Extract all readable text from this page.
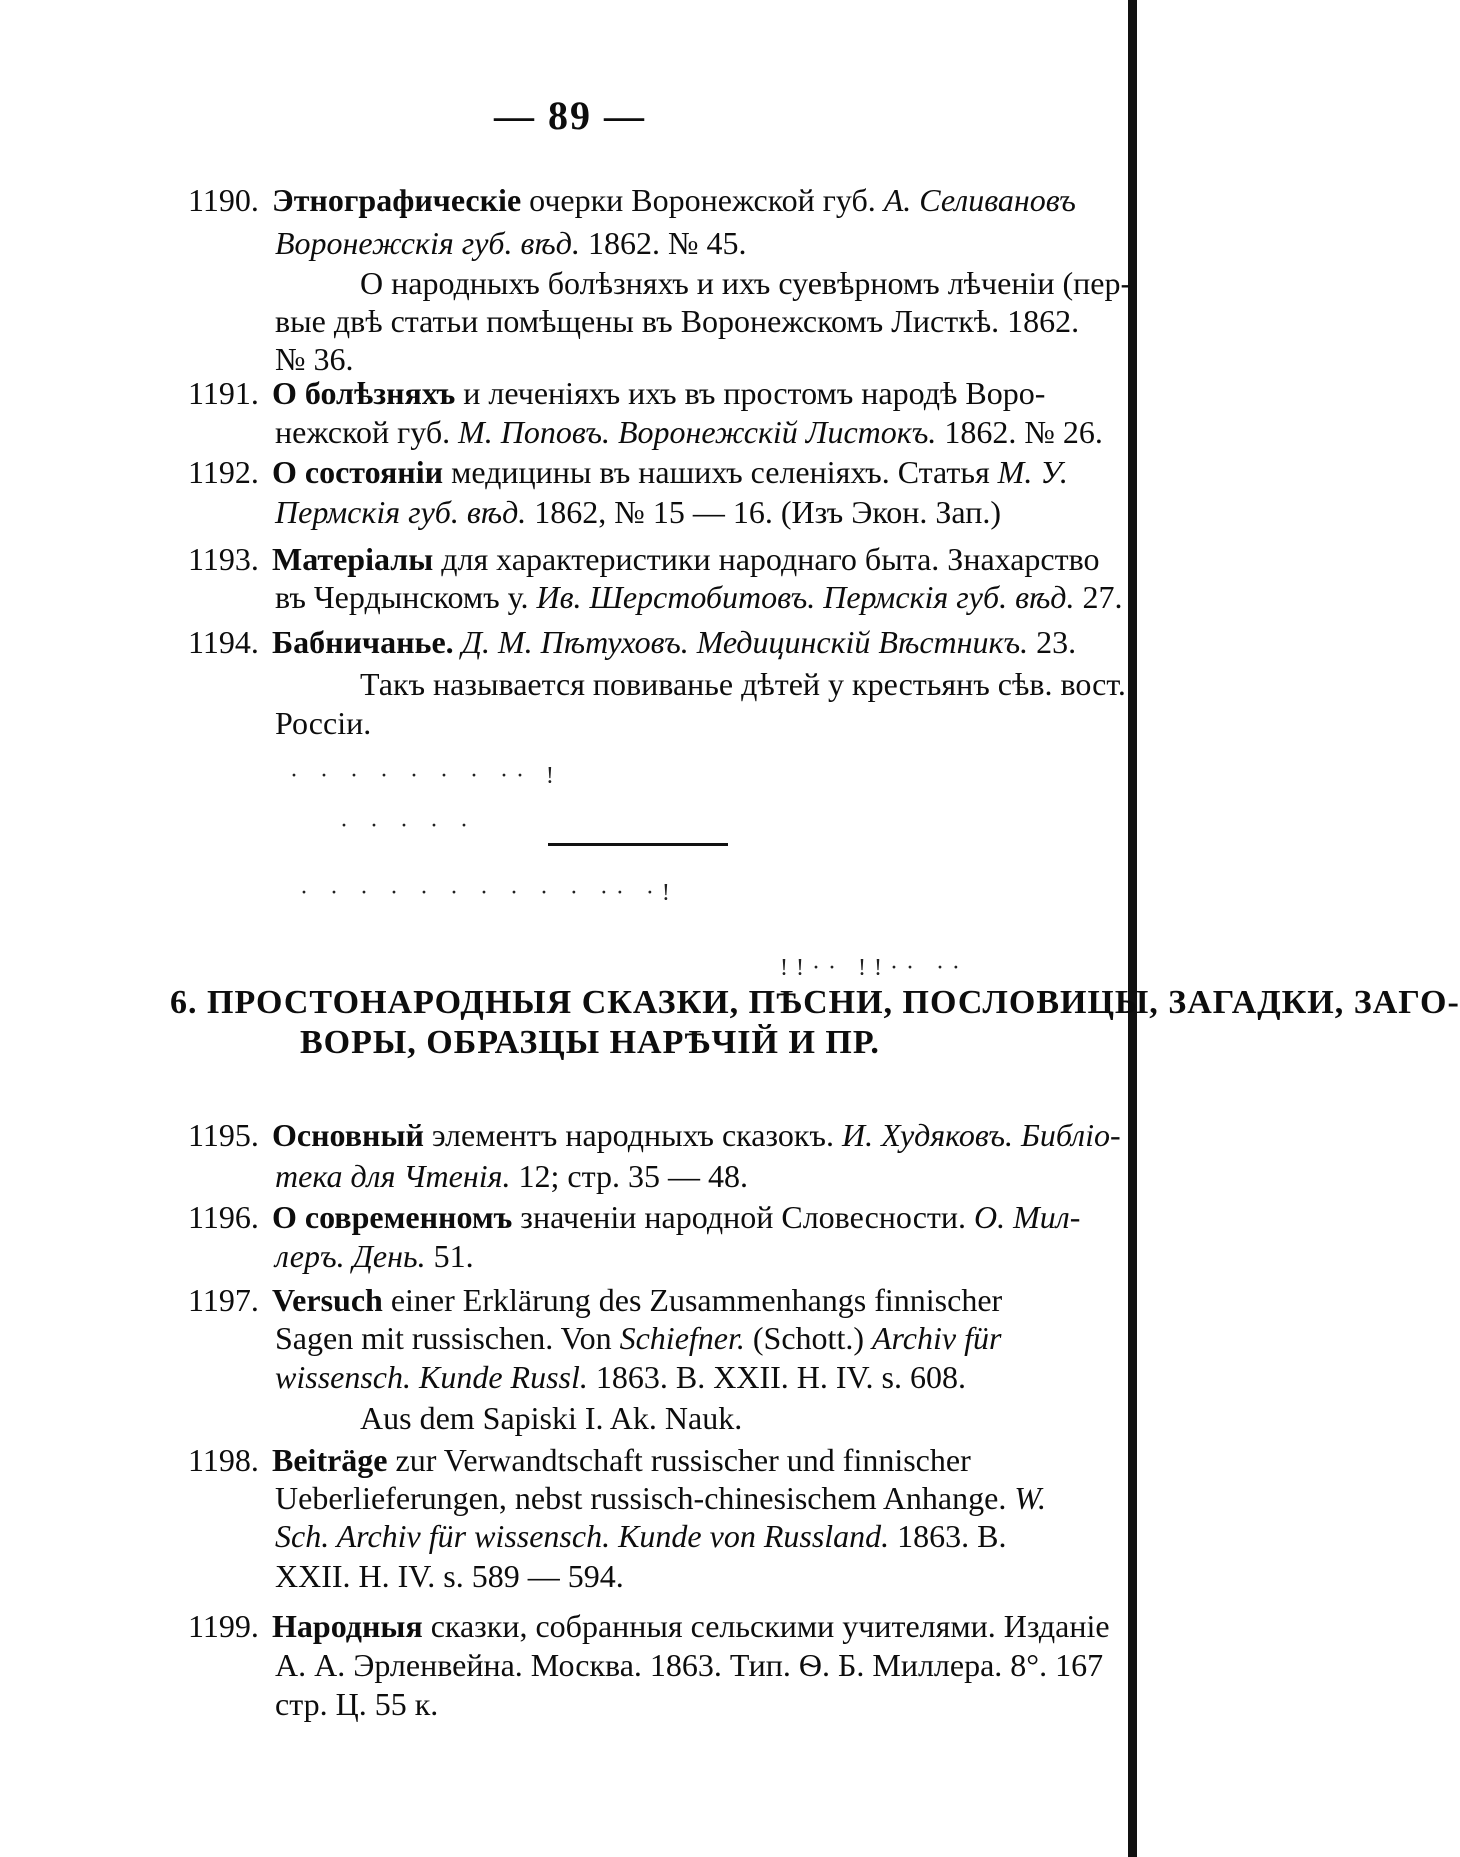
— 89 —
1190. Этнографическіе очерки Воронежской губ. А. Селивановъ
Воронежскія губ. вѣд. 1862. № 45.
О народныхъ болѣзняхъ и ихъ суевѣрномъ лѣченіи (пер-
вые двѣ статьи помѣщены въ Воронежскомъ Листкѣ. 1862.
№ 36.
1191. О болѣзняхъ и леченіяхъ ихъ въ простомъ народѣ Воро-
нежской губ. М. Поповъ. Воронежскій Листокъ. 1862. № 26.
1192. О состояніи медицины въ нашихъ селеніяхъ. Статья М. У.
Пермскія губ. вѣд. 1862, № 15 — 16. (Изъ Экон. Зап.)
1193. Матеріалы для характеристики народнаго быта. Знахарство
въ Чердынскомъ у. Ив. Шерстобитовъ. Пермскія губ. вѣд. 27.
1194. Бабничанье. Д. М. Пѣтуховъ. Медицинскій Вѣстникъ. 23.
Такъ называется повиванье дѣтей у крестьянъ сѣв. вост.
Россіи.
· · · · · · · ·· !
· · · · ·
· · · · · · · · · · ·· ·!
!!·· !!·· ··
6. ПРОСТОНАРОДНЫЯ СКАЗКИ, ПѢСНИ, ПОСЛОВИЦЫ, ЗАГАДКИ, ЗАГО-
ВОРЫ, ОБРАЗЦЫ НАРѢЧІЙ И ПР.
1195. Основный элементъ народныхъ сказокъ. И. Худяковъ. Библіо-
тека для Чтенія. 12; стр. 35 — 48.
1196. О современномъ значеніи народной Словесности. О. Мил-
леръ. День. 51.
1197. Versuch einer Erklärung des Zusammenhangs finnischer
Sagen mit russischen. Von Schiefner. (Schott.) Archiv für
wissensch. Kunde Russl. 1863. B. XXII. H. IV. s. 608.
Aus dem Sapiski I. Ak. Nauk.
1198. Beiträge zur Verwandtschaft russischer und finnischer
Ueberlieferungen, nebst russisch-chinesischem Anhange. W.
Sch. Archiv für wissensch. Kunde von Russland. 1863. B.
XXII. H. IV. s. 589 — 594.
1199. Народныя сказки, собранныя сельскими учителями. Изданіе
А. А. Эрленвейна. Москва. 1863. Тип. Ѳ. Б. Миллера. 8°. 167
стр. Ц. 55 к.
